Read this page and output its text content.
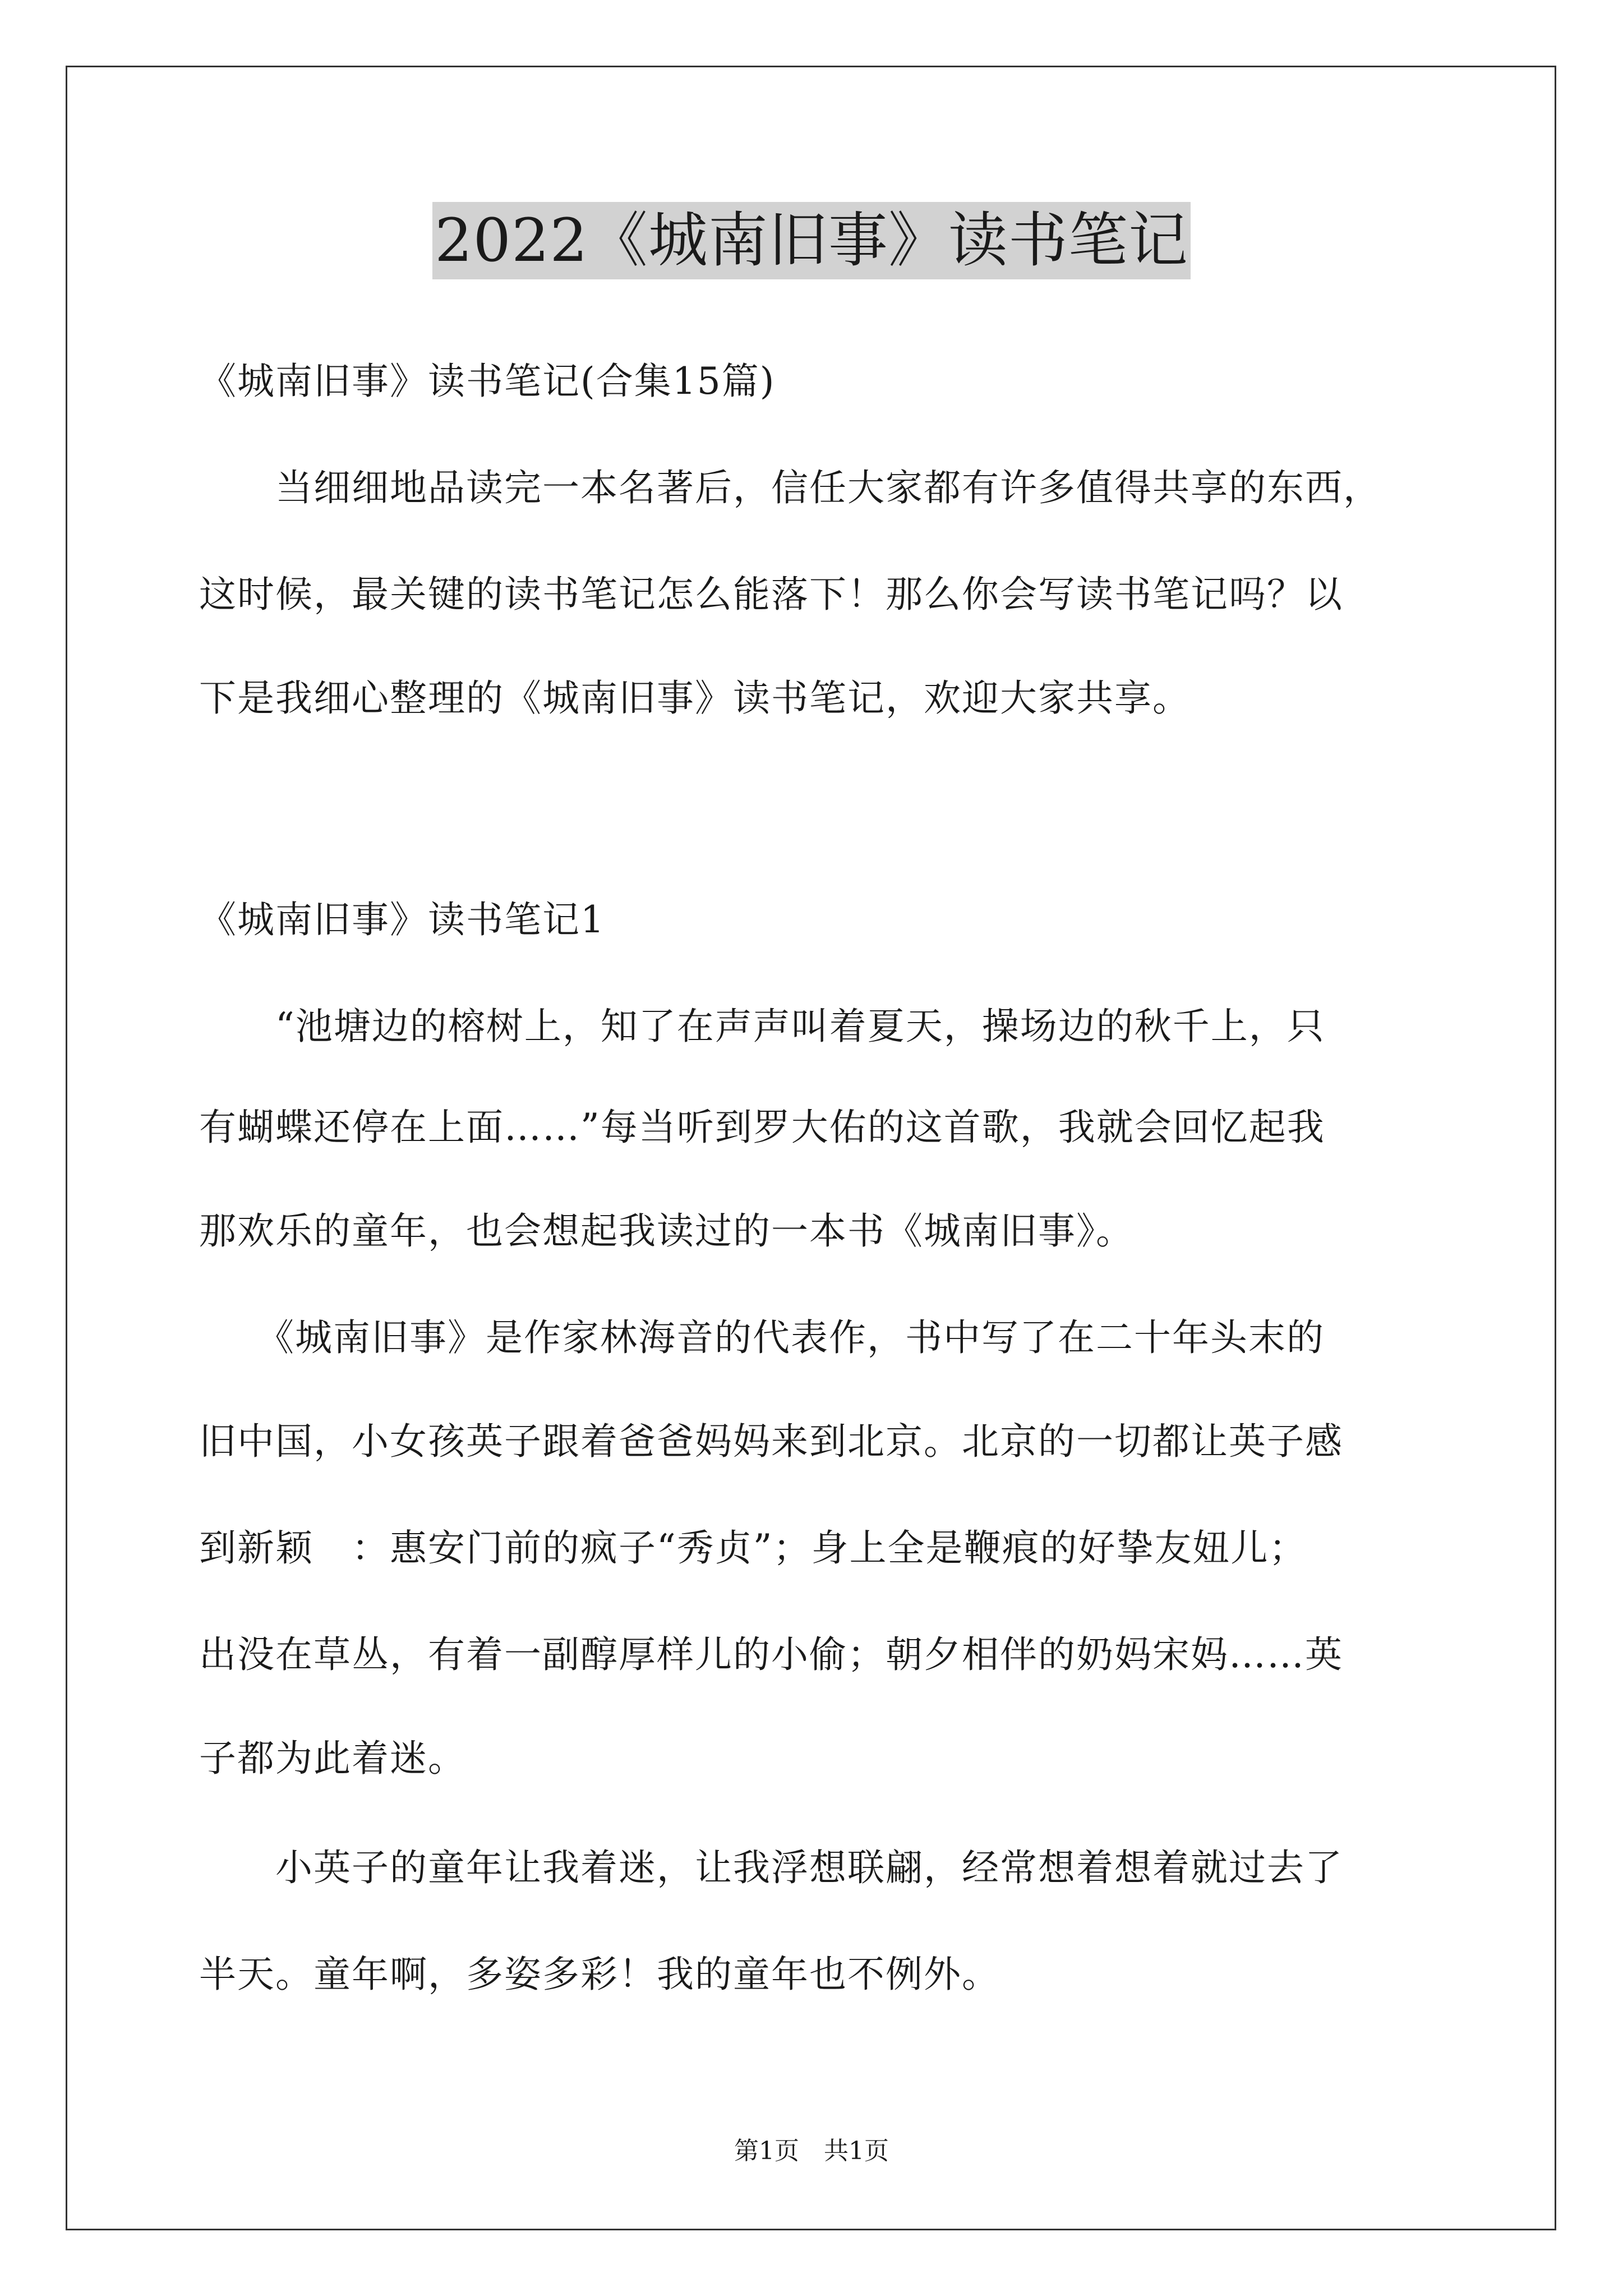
2022《城南旧事》读书笔记
《城南旧事》读书笔记(合集15篇)
　　当细细地品读完一本名著后，信任大家都有许多值得共享的东西，
这时候，最关键的读书笔记怎么能落下！那么你会写读书笔记吗？以
下是我细心整理的《城南旧事》读书笔记，欢迎大家共享。
《城南旧事》读书笔记1
　　“池塘边的榕树上，知了在声声叫着夏天，操场边的秋千上，只
有蝴蝶还停在上面……”每当听到罗大佑的这首歌，我就会回忆起我
那欢乐的童年，也会想起我读过的一本书《城南旧事》。
　　《城南旧事》是作家林海音的代表作，书中写了在二十年头末的
旧中国，小女孩英子跟着爸爸妈妈来到北京。北京的一切都让英子感
到新颖　：惠安门前的疯子“秀贞”；身上全是鞭痕的好挚友妞儿；
出没在草丛，有着一副醇厚样儿的小偷；朝夕相伴的奶妈宋妈……英
子都为此着迷。
　　小英子的童年让我着迷，让我浮想联翩，经常想着想着就过去了
半天。童年啊，多姿多彩！我的童年也不例外。
第1页　共1页
